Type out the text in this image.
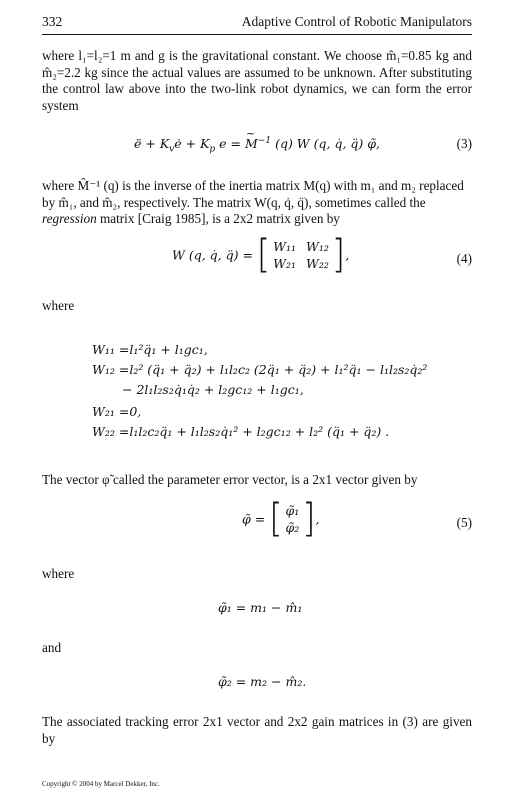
332	Adaptive Control of Robotic Manipulators
where l₁=l₂=1 m and g is the gravitational constant. We choose m̂₁=0.85 kg and m̂₂=2.2 kg since the actual values are assumed to be unknown. After substituting the control law above into the two-link robot dynamics, we can form the error system
ë + $K_vė + K_p$ e = ~ $M^{-1}$ (q) W (q, q̇, q̈) φ̃,	(3)
where M̂⁻¹ (q) is the inverse of the inertia matrix M(q) with m₁ and m₂ replaced
by m̂₁, and m̂₂, respectively. The matrix W(q, q̇, q̈), sometimes called the
regression matrix [Craig 1985], is a 2x2 matrix given by
W (q, q̇, q̈) = [ W₁₁ W₁₂
W₂₁ W₂₂ ] ,	(4)
where
W₁₁ =l₁²q̈₁ + l₁gc₁,
W₁₂ =l₂² (q̈₁ + q̈₂) + l₁l₂c₂ (2q̈₁ + q̈₂) + l₁²q̈₁ − l₁l₂s₂q̇₂²
− 2l₁l₂s₂q̇₁q̇₂ + l₂gc₁₂ + l₁gc₁,
W₂₁ =0,
W₂₂ =l₁l₂c₂q̈₁ + l₁l₂s₂q̇₁² + l₂gc₁₂ + l₂² (q̈₁ + q̈₂) .
The vector φ̃ called the parameter error vector, is a 2x1 vector given by
φ̃ = [ φ̃₁
φ̃₂ ] ,	(5)
where
φ̃₁ = m₁ − m̂₁
and
φ̃₂ = m₂ − m̂₂.
The associated tracking error 2x1 vector and 2x2 gain matrices in (3) are given by
Copyright © 2004 by Marcel Dekker, Inc.
